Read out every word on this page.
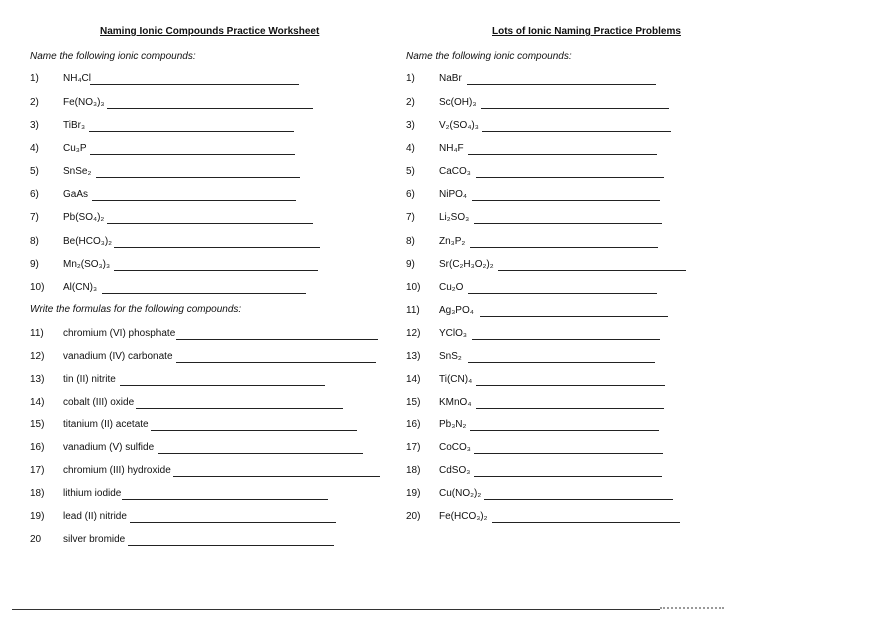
Naming Ionic Compounds Practice Worksheet
Name the following ionic compounds:
1) NH₄Cl
2) Fe(NO₃)₃
3) TiBr₃
4) Cu₃P
5) SnSe₂
6) GaAs
7) Pb(SO₄)₂
8) Be(HCO₃)₂
9) Mn₂(SO₃)₃
10) Al(CN)₃
Write the formulas for the following compounds:
11) chromium (VI) phosphate
12) vanadium (IV) carbonate
13) tin (II) nitrite
14) cobalt (III) oxide
15) titanium (II) acetate
16) vanadium (V) sulfide
17) chromium (III) hydroxide
18) lithium iodide
19) lead (II) nitride
20 silver bromide
Lots of Ionic Naming Practice Problems
Name the following ionic compounds:
1) NaBr
2) Sc(OH)₃
3) V₂(SO₄)₃
4) NH₄F
5) CaCO₃
6) NiPO₄
7) Li₂SO₃
8) Zn₃P₂
9) Sr(C₂H₃O₂)₂
10) Cu₂O
11) Ag₃PO₄
12) YClO₃
13) SnS₂
14) Ti(CN)₄
15) KMnO₄
16) Pb₃N₂
17) CoCO₃
18) CdSO₃
19) Cu(NO₂)₂
20) Fe(HCO₃)₂
